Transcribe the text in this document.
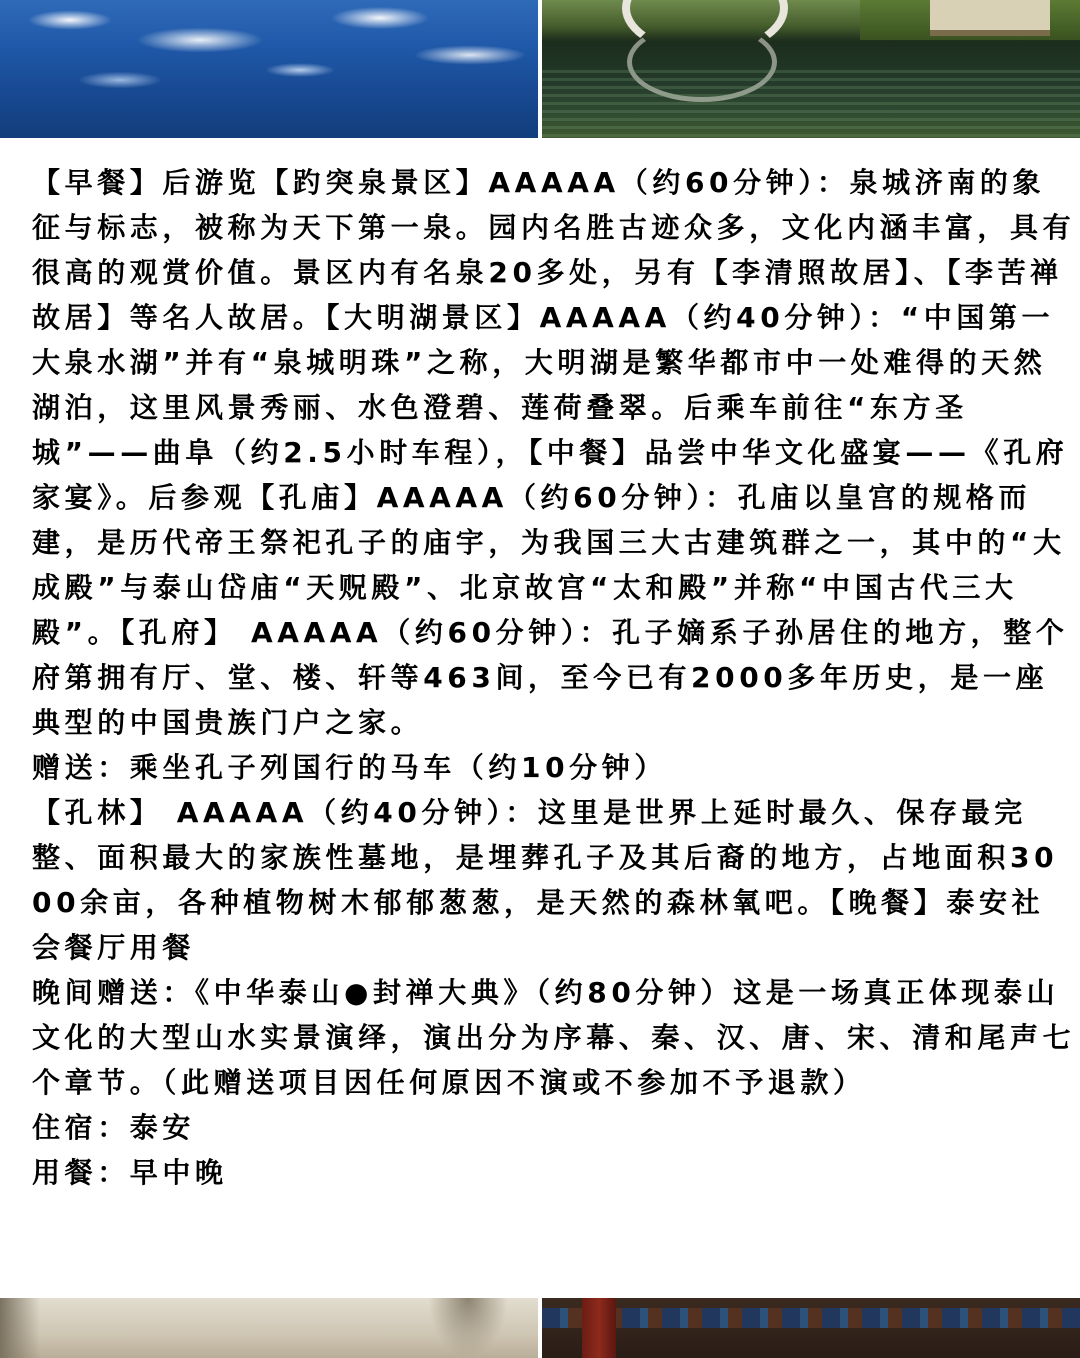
【早餐】后游览【趵突泉景区】AAAAA（约60分钟）：泉城济南的象征与标志，被称为天下第一泉。园内名胜古迹众多，文化内涵丰富，具有很高的观赏价值。景区内有名泉20多处，另有【李清照故居】、【李苦禅故居】等名人故居。【大明湖景区】AAAAA（约40分钟）：“中国第一大泉水湖”并有“泉城明珠”之称，大明湖是繁华都市中一处难得的天然湖泊，这里风景秀丽、水色澄碧、莲荷叠翠。后乘车前往“东方圣城”——曲阜（约2.5小时车程），【中餐】品尝中华文化盛宴——《孔府家宴》。后参观【孔庙】AAAAA（约60分钟）：孔庙以皇宫的规格而建，是历代帝王祭祀孔子的庙宇，为我国三大古建筑群之一，其中的“大成殿”与泰山岱庙“天贶殿”、北京故宫“太和殿”并称“中国古代三大殿”。【孔府】 AAAAA（约60分钟）：孔子嫡系子孙居住的地方，整个府第拥有厅、堂、楼、轩等463间，至今已有2000多年历史，是一座典型的中国贵族门户之家。

赠送：乘坐孔子列国行的马车（约10分钟）

【孔林】 AAAAA（约40分钟）：这里是世界上延时最久、保存最完整、面积最大的家族性墓地，是埋葬孔子及其后裔的地方，占地面积3000余亩，各种植物树木郁郁葱葱，是天然的森林氧吧。【晚餐】泰安社会餐厅用餐

晚间赠送：《中华泰山●封禅大典》（约80分钟）这是一场真正体现泰山文化的大型山水实景演绎，演出分为序幕、秦、汉、唐、宋、清和尾声七个章节。（此赠送项目因任何原因不演或不参加不予退款）

住宿：泰安

用餐：早中晚
